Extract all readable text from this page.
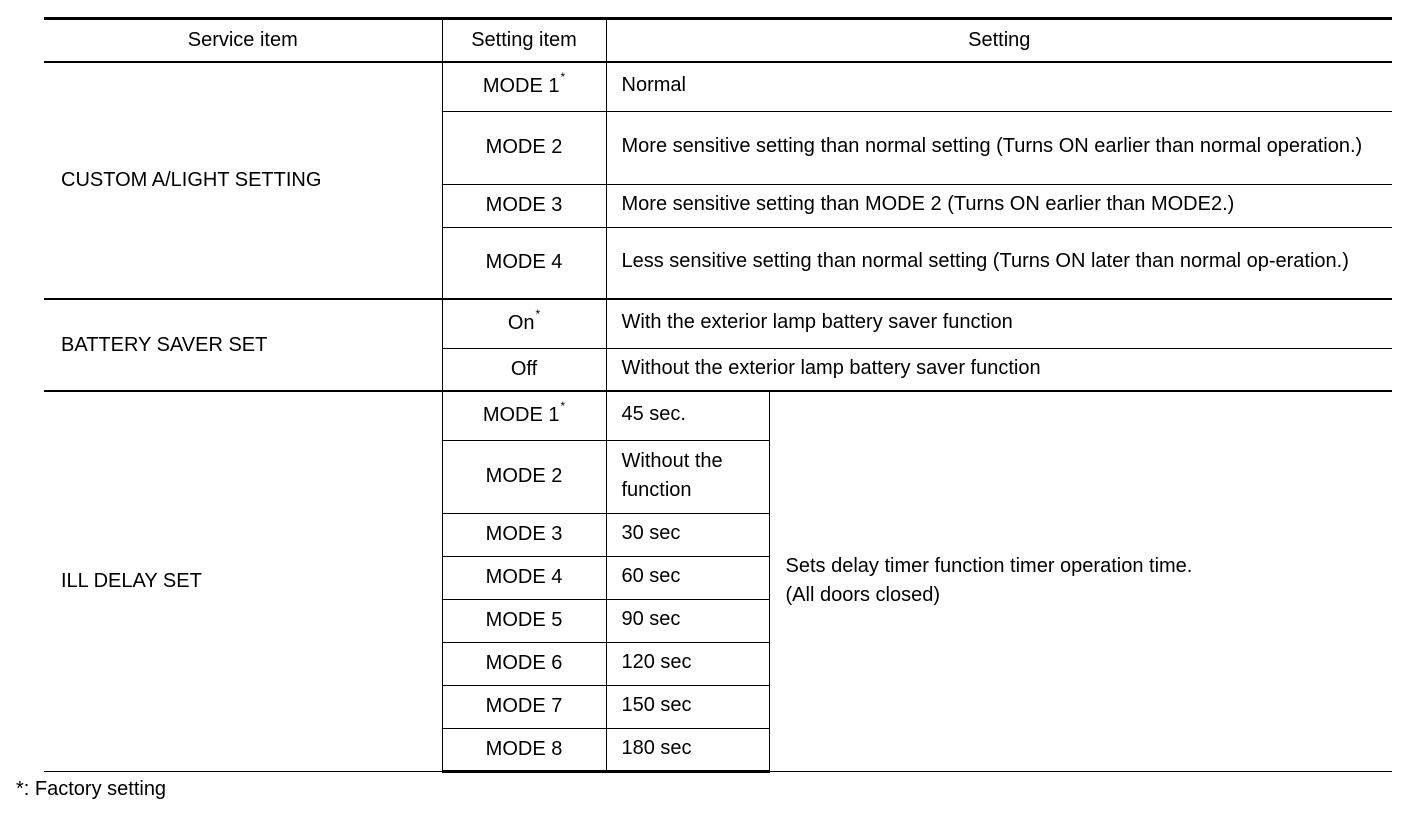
Service item	Setting item	Setting	
CUSTOM A/LIGHT SETTING	MODE 1*	Normal	
	MODE 2	More sensitive setting than normal setting (Turns ON earlier than normal operation.)	
	MODE 3	More sensitive setting than MODE 2 (Turns ON earlier than MODE2.)	
	MODE 4	Less sensitive setting than normal setting (Turns ON later than normal op-eration.)	
BATTERY SAVER SET	On*	With the exterior lamp battery saver function	
	Off	Without the exterior lamp battery saver function	
ILL DELAY SET	MODE 1*	45 sec.	Sets delay timer function timer operation time.
(All doors closed)
	MODE 2	Without the function	
	MODE 3	30 sec	
	MODE 4	60 sec	
	MODE 5	90 sec	
	MODE 6	120 sec	
	MODE 7	150 sec	
	MODE 8	180 sec	

*: Factory setting
